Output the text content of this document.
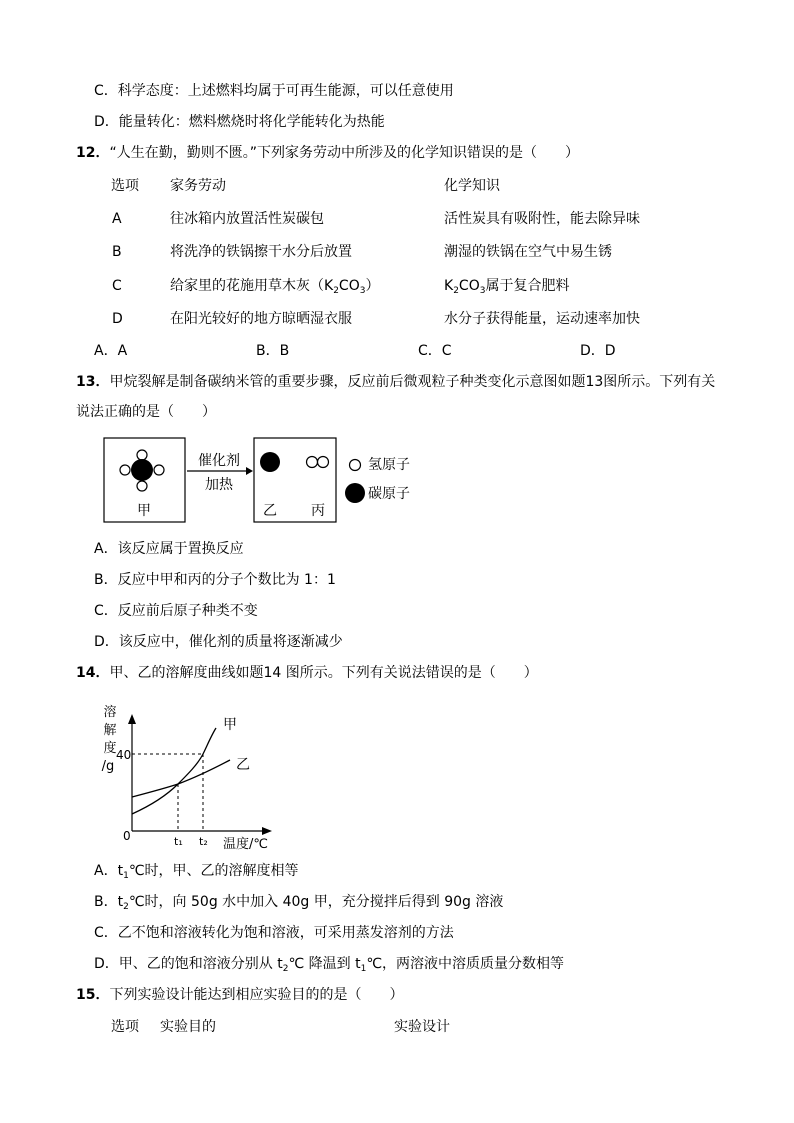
C．科学态度：上述燃料均属于可再生能源，可以任意使用
D．能量转化：燃料燃烧时将化学能转化为热能
12．“人生在勤，勤则不匮。”下列家务劳动中所涉及的化学知识错误的是（　　）
选项 家务劳动	化学知识
A	往冰箱内放置活性炭碳包	活性炭具有吸附性，能去除异味
B	将洗净的铁锅擦干水分后放置	潮湿的铁锅在空气中易生锈
C	给家里的花施用草木灰$(K_2CO_3)$	$K_2CO_3$属于复合肥料
D	在阳光较好的地方晾晒湿衣服	水分子获得能量，运动速率加快
A．A	B．B	C．C	D．D
13．甲烷裂解是制备碳纳米管的重要步骤，反应前后微观粒子种类变化示意图如题13图所示。下列有关
说法正确的是（　　）
甲
催化剂
加热
乙 丙
氢原子
碳原子
A．该反应属于置换反应
B．反应中甲和丙的分子个数比为 1：1
C．反应前后原子种类不变
D．该反应中，催化剂的质量将逐渐减少
14．甲、乙的溶解度曲线如题14 图所示。下列有关说法错误的是（　　）
溶
解
度
/g
40
0
甲
乙
t₁ t₂ 温度/℃
A．$t_1℃$时，甲、乙的溶解度相等
B．$t_2℃$时，向 50g 水中加入 40g 甲，充分搅拌后得到 90g 溶液
C．乙不饱和溶液转化为饱和溶液，可采用蒸发溶剂的方法
D．甲、乙的饱和溶液分别从 $t_2℃$ 降温到 $t_1℃$，两溶液中溶质质量分数相等
15．下列实验设计能达到相应实验目的的是（　　）
选项 实验目的	实验设计
